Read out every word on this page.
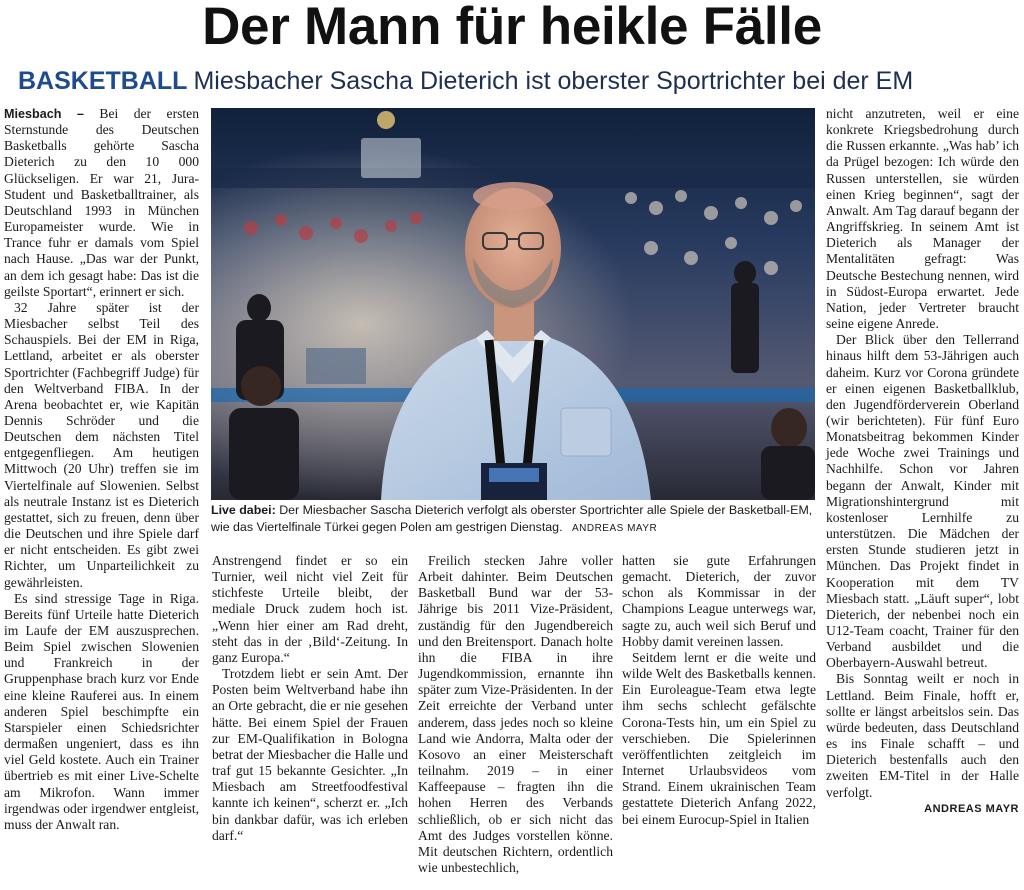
Der Mann für heikle Fälle
BASKETBALL Miesbacher Sascha Dieterich ist oberster Sportrichter bei der EM

Miesbach – Bei der ersten Sternstunde des Deutschen Basketballs gehörte Sascha Dieterich zu den 10 000 Glückseligen. Er war 21, Jura-Student und Basketballtrainer, als Deutschland 1993 in München Europameister wurde. Wie in Trance fuhr er damals vom Spiel nach Hause. „Das war der Punkt, an dem ich gesagt habe: Das ist die geilste Sportart“, erinnert er sich.

32 Jahre später ist der Miesbacher selbst Teil des Schauspiels. Bei der EM in Riga, Lettland, arbeitet er als oberster Sportrichter (Fachbegriff Judge) für den Weltverband FIBA. In der Arena beobachtet er, wie Kapitän Dennis Schröder und die Deutschen dem nächsten Titel entgegenfliegen. Am heutigen Mittwoch (20 Uhr) treffen sie im Viertelfinale auf Slowenien. Selbst als neutrale Instanz ist es Dieterich gestattet, sich zu freuen, denn über die Deutschen und ihre Spiele darf er nicht entscheiden. Es gibt zwei Richter, um Unparteilichkeit zu gewährleisten.

Es sind stressige Tage in Riga. Bereits fünf Urteile hatte Dieterich im Laufe der EM auszusprechen. Beim Spiel zwischen Slowenien und Frankreich in der Gruppenphase brach kurz vor Ende eine kleine Rauferei aus. In einem anderen Spiel beschimpfte ein Starspieler einen Schiedsrichter dermaßen ungeniert, dass es ihn viel Geld kostete. Auch ein Trainer übertrieb es mit einer Live-Schelte am Mikrofon. Wann immer irgendwas oder irgendwer entgleist, muss der Anwalt ran.

Live dabei: Der Miesbacher Sascha Dieterich verfolgt als oberster Sportrichter alle Spiele der Basketball-EM, wie das Viertelfinale Türkei gegen Polen am gestrigen Dienstag. ANDREAS MAYR

Anstrengend findet er so ein Turnier, weil nicht viel Zeit für stichfeste Urteile bleibt, der mediale Druck zudem hoch ist. „Wenn hier einer am Rad dreht, steht das in der ‚Bild‘-Zeitung. In ganz Europa.“

Trotzdem liebt er sein Amt. Der Posten beim Weltverband habe ihn an Orte gebracht, die er nie gesehen hätte. Bei einem Spiel der Frauen zur EM-Qualifikation in Bologna betrat der Miesbacher die Halle und traf gut 15 bekannte Gesichter. „In Miesbach am Streetfoodfestival kannte ich keinen“, scherzt er. „Ich bin dankbar dafür, was ich erleben darf.“

Freilich stecken Jahre voller Arbeit dahinter. Beim Deutschen Basketball Bund war der 53-Jährige bis 2011 Vize-Präsident, zuständig für den Jugendbereich und den Breitensport. Danach holte ihn die FIBA in ihre Jugendkommission, ernannte ihn später zum Vize-Präsidenten. In der Zeit erreichte der Verband unter anderem, dass jedes noch so kleine Land wie Andorra, Malta oder der Kosovo an einer Meisterschaft teilnahm. 2019 – in einer Kaffeepause – fragten ihn die hohen Herren des Verbands schließlich, ob er sich nicht das Amt des Judges vorstellen könne. Mit deutschen Richtern, ordentlich wie unbestechlich,

hatten sie gute Erfahrungen gemacht. Dieterich, der zuvor schon als Kommissar in der Champions League unterwegs war, sagte zu, auch weil sich Beruf und Hobby damit vereinen lassen.

Seitdem lernt er die weite und wilde Welt des Basketballs kennen. Ein Euroleague-Team etwa legte ihm sechs schlecht gefälschte Corona-Tests hin, um ein Spiel zu verschieben. Die Spielerinnen veröffentlichten zeitgleich im Internet Urlaubsvideos vom Strand. Einem ukrainischen Team gestattete Dieterich Anfang 2022, bei einem Eurocup-Spiel in Italien

nicht anzutreten, weil er eine konkrete Kriegsbedrohung durch die Russen erkannte. „Was hab’ ich da Prügel bezogen: Ich würde den Russen unterstellen, sie würden einen Krieg beginnen“, sagt der Anwalt. Am Tag darauf begann der Angriffskrieg. In seinem Amt ist Dieterich als Manager der Mentalitäten gefragt: Was Deutsche Bestechung nennen, wird in Südost-Europa erwartet. Jede Nation, jeder Vertreter braucht seine eigene Anrede.

Der Blick über den Tellerrand hinaus hilft dem 53-Jährigen auch daheim. Kurz vor Corona gründete er einen eigenen Basketballklub, den Jugendförderverein Oberland (wir berichteten). Für fünf Euro Monatsbeitrag bekommen Kinder jede Woche zwei Trainings und Nachhilfe. Schon vor Jahren begann der Anwalt, Kinder mit Migrationshintergrund mit kostenloser Lernhilfe zu unterstützen. Die Mädchen der ersten Stunde studieren jetzt in München. Das Projekt findet in Kooperation mit dem TV Miesbach statt. „Läuft super“, lobt Dieterich, der nebenbei noch ein U12-Team coacht, Trainer für den Verband ausbildet und die Oberbayern-Auswahl betreut.

Bis Sonntag weilt er noch in Lettland. Beim Finale, hofft er, sollte er längst arbeitslos sein. Das würde bedeuten, dass Deutschland es ins Finale schafft – und Dieterich bestenfalls auch den zweiten EM-Titel in der Halle verfolgt.

ANDREAS MAYR
